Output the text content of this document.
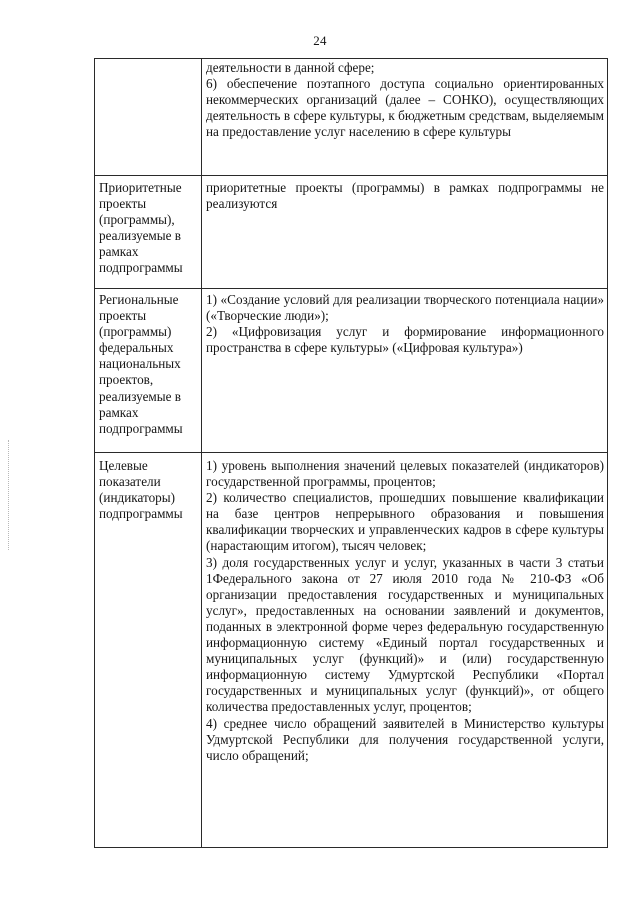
24

	деятельности в данной сфере;

6) обеспечение поэтапного доступа социально ориентированных некоммерческих организаций (далее – СОНКО), осуществляющих деятельность в сфере культуры, к бюджетным средствам, выделяемым на предоставление услуг населению в сфере культуры

Приоритетные проекты (программы), реализуемые в рамках подпрограммы	приоритетные проекты (программы) в рамках подпрограммы не реализуются

Региональные проекты (программы) федеральных национальных проектов, реализуемые в рамках подпрограммы	1) «Создание условий для реализации творческого потенциала нации» («Творческие люди»);

2) «Цифровизация услуг и формирование информационного пространства в сфере культуры» («Цифровая культура»)

Целевые показатели (индикаторы) подпрограммы	1) уровень выполнения значений целевых показателей (индикаторов) государственной программы, процентов;

2) количество специалистов, прошедших повышение квалификации на базе центров непрерывного образования и повышения квалификации творческих и управленческих кадров в сфере культуры (нарастающим итогом), тысяч человек;

3) доля государственных услуг и услуг, указанных в части 3 статьи 1Федерального закона от 27 июля 2010 года № 210-ФЗ «Об организации предоставления государственных и муниципальных услуг», предоставленных на основании заявлений и документов, поданных в электронной форме через федеральную государственную информационную систему «Единый портал государственных и муниципальных услуг (функций)» и (или) государственную информационную систему Удмуртской Республики «Портал государственных и муниципальных услуг (функций)», от общего количества предоставленных услуг, процентов;

4) среднее число обращений заявителей в Министерство культуры Удмуртской Республики для получения государственной услуги, число обращений;
